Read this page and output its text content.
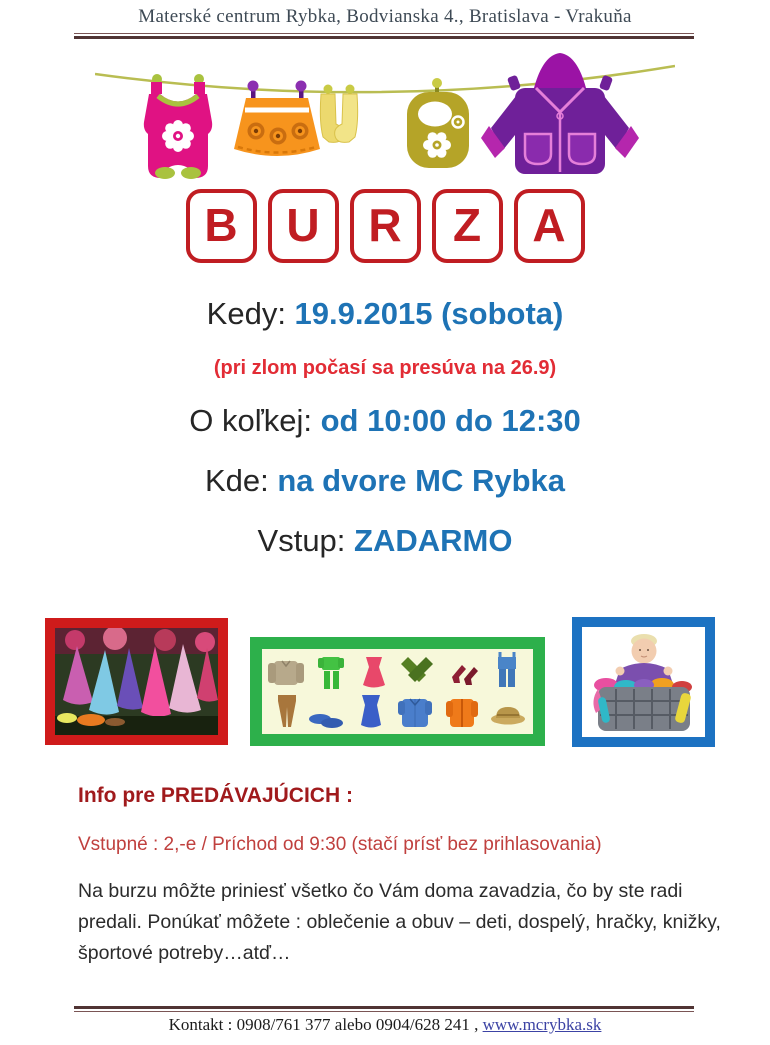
Materské centrum Rybka, Bodvianska 4., Bratislava - Vrakuňa
B	U	R	Z	A
Kedy: 19.9.2015 (sobota)
(pri zlom počasí sa presúva na 26.9)
O koľkej: od 10:00 do 12:30
Kde: na dvore MC Rybka
Vstup: ZADARMO
Info pre PREDÁVAJÚCICH :
Vstupné : 2,-e / Príchod od 9:30 (stačí prísť bez prihlasovania)
Na burzu môžte priniesť všetko čo Vám doma zavadzia, čo by ste radi predali. Ponúkať môžete : oblečenie a obuv – deti, dospelý, hračky, knižky, športové potreby…atď…
Kontakt : 0908/761 377 alebo 0904/628 241 , www.mcrybka.sk
